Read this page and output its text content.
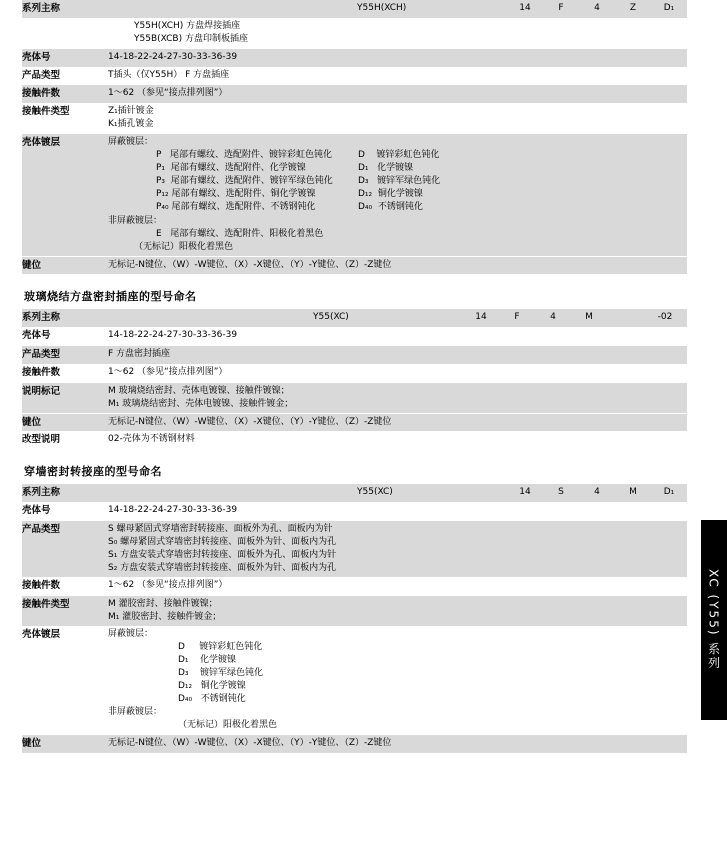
系列主称	Y55H(XCH)	14	F	4	Z	D₁

	Y55H(XCH) 方盘焊接插座
Y55B(XCB) 方盘印制板插座

壳体号	14-18-22-24-27-30-33-36-39
产品类型	T插头（仅Y55H） F 方盘插座
接触件数	1～62 （参见“接点排列图”）
接触件类型	Z₁插针镀金
K₁插孔镀金

壳体镀层	屏蔽镀层：
P 尾部有螺纹、选配附件、镀锌彩虹色钝化
P₁ 尾部有螺纹、选配附件、化学镀镍
P₃ 尾部有螺纹、选配附件、镀锌军绿色钝化
P₁₂ 尾部有螺纹、选配附件、铜化学镀镍
P₄₀ 尾部有螺纹、选配附件、不锈钢钝化
D 镀锌彩虹色钝化
D₁ 化学镀镍
D₃ 镀锌军绿色钝化
D₁₂ 铜化学镀镍
D₄₀ 不锈钢钝化
非屏蔽镀层：
E 尾部有螺纹、选配附件、阳极化着黑色
（无标记）阳极化着黑色

键位	无标记-N键位、（W）-W键位、（X）-X键位、（Y）-Y键位、（Z）-Z键位
玻璃烧结方盘密封插座的型号命名
系列主称	Y55(XC)	14	F	4	M	-02

壳体号	14-18-22-24-27-30-33-36-39
产品类型	F 方盘密封插座
接触件数	1～62 （参见“接点排列图”）
说明标记	M 玻璃烧结密封、壳体电镀镍、接触件镀镍；
M₁ 玻璃烧结密封、壳体电镀镍、接触件镀金；

键位	无标记-N键位、（W）-W键位、（X）-X键位、（Y）-Y键位、（Z）-Z键位
改型说明	02-壳体为不锈钢材料
穿墙密封转接座的型号命名
系列主称	Y55(XC)	14	S	4	M	D₁

壳体号	14-18-22-24-27-30-33-36-39
产品类型	S 螺母紧固式穿墙密封转接座、面板外为孔、面板内为针
S₀ 螺母紧固式穿墙密封转接座、面板外为针、面板内为孔
S₁ 方盘安装式穿墙密封转接座、面板外为孔、面板内为针
S₂ 方盘安装式穿墙密封转接座、面板外为针、面板内为孔

接触件数	1～62 （参见“接点排列图”）
接触件类型	M 灌胶密封、接触件镀镍；
M₁ 灌胶密封、接触件镀金；

壳体镀层	屏蔽镀层：
D 镀锌彩虹色钝化
D₁ 化学镀镍
D₃ 镀锌军绿色钝化
D₁₂ 铜化学镀镍
D₄₀ 不锈钢钝化
非屏蔽镀层：
（无标记）阳极化着黑色

键位	无标记-N键位、（W）-W键位、（X）-X键位、（Y）-Y键位、（Z）-Z键位
XC (Y55) 系列
